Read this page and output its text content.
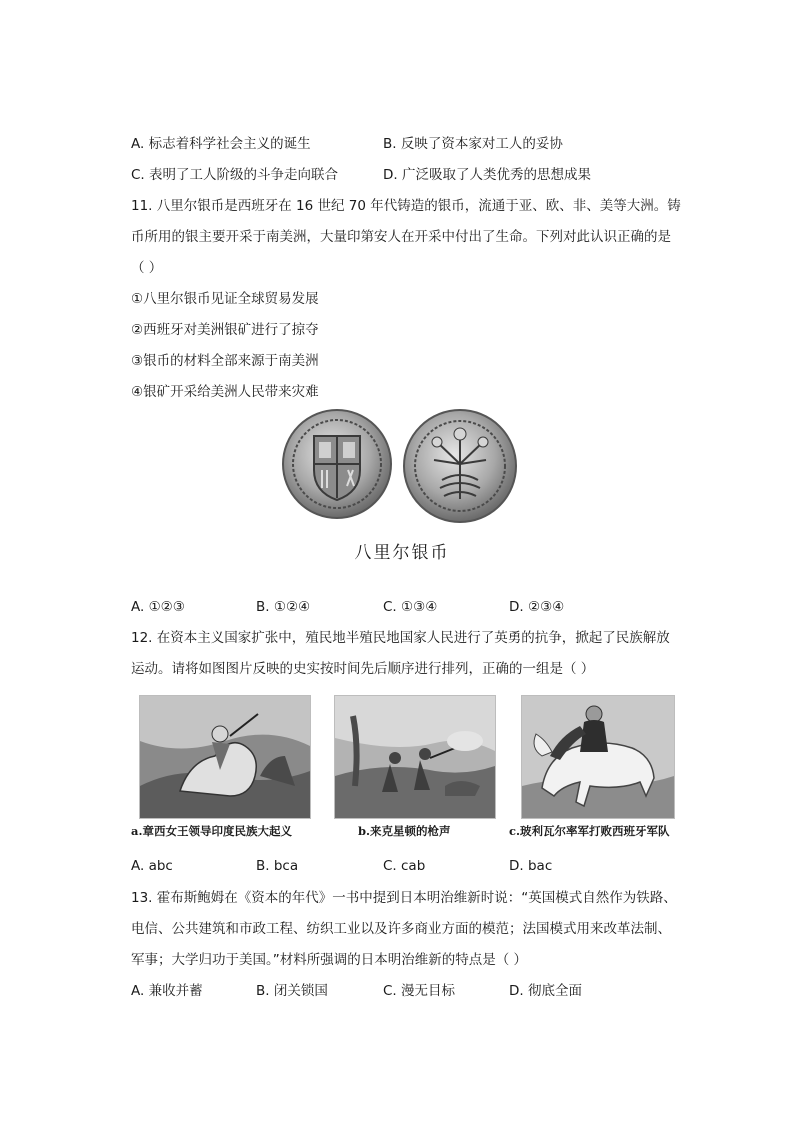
A. 标志着科学社会主义的诞生	B. 反映了资本家对工人的妥协
C. 表明了工人阶级的斗争走向联合	D. 广泛吸取了人类优秀的思想成果
11. 八里尔银币是西班牙在 16 世纪 70 年代铸造的银币，流通于亚、欧、非、美等大洲。铸
币所用的银主要开采于南美洲，大量印第安人在开采中付出了生命。下列对此认识正确的是
（ ）
①八里尔银币见证全球贸易发展
②西班牙对美洲银矿进行了掠夺
③银币的材料全部来源于南美洲
④银矿开采给美洲人民带来灾难
八里尔银币
A. ①②③	B. ①②④	C. ①③④	D. ②③④
12. 在资本主义国家扩张中，殖民地半殖民地国家人民进行了英勇的抗争，掀起了民族解放
运动。请将如图图片反映的史实按时间先后顺序进行排列，正确的一组是（ ）
a.章西女王领导印度民族大起义	b.来克星顿的枪声	c.玻利瓦尔率军打败西班牙军队
A. abc	B. bca	C. cab	D. bac
13. 霍布斯鲍姆在《资本的年代》一书中提到日本明治维新时说：“英国模式自然作为铁路、
电信、公共建筑和市政工程、纺织工业以及许多商业方面的模范；法国模式用来改革法制、
军事；大学归功于美国。”材料所强调的日本明治维新的特点是（ ）
A. 兼收并蓄	B. 闭关锁国	C. 漫无目标	D. 彻底全面
